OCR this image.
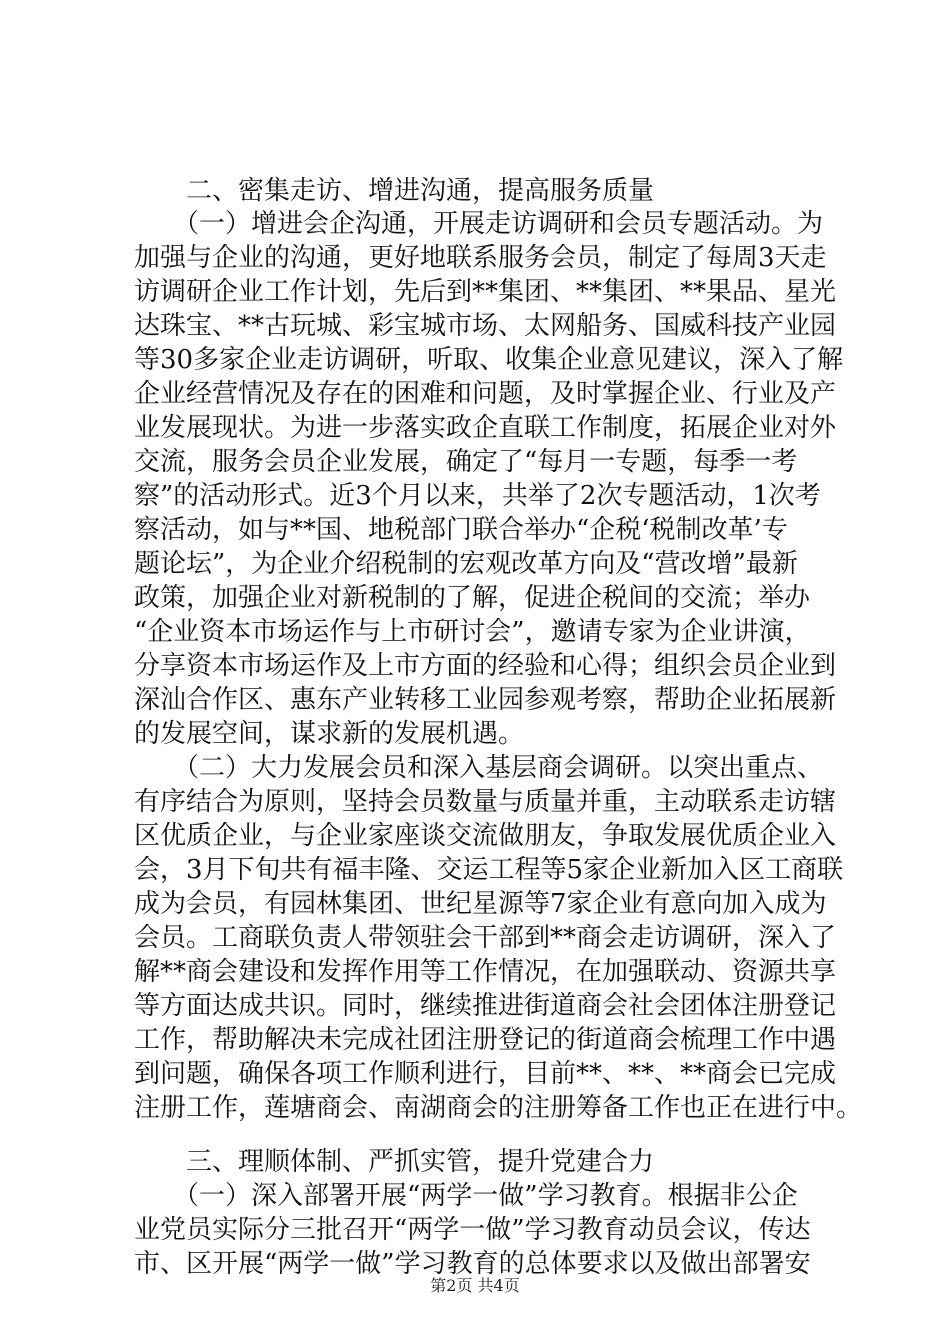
　　二、密集走访、增进沟通，提高服务质量
　　（一）增进会企沟通，开展走访调研和会员专题活动。为
加强与企业的沟通，更好地联系服务会员，制定了每周3天走
访调研企业工作计划，先后到**集团、**集团、**果品、星光
达珠宝、**古玩城、彩宝城市场、太网船务、国威科技产业园
等30多家企业走访调研，听取、收集企业意见建议，深入了解
企业经营情况及存在的困难和问题，及时掌握企业、行业及产
业发展现状。为进一步落实政企直联工作制度，拓展企业对外
交流，服务会员企业发展，确定了“每月一专题，每季一考
察”的活动形式。近3个月以来，共举了2次专题活动，1次考
察活动，如与**国、地税部门联合举办“企税‘税制改革’专
题论坛”，为企业介绍税制的宏观改革方向及“营改增”最新
政策，加强企业对新税制的了解，促进企税间的交流；举办
“企业资本市场运作与上市研讨会”，邀请专家为企业讲演，
分享资本市场运作及上市方面的经验和心得；组织会员企业到
深汕合作区、惠东产业转移工业园参观考察，帮助企业拓展新
的发展空间，谋求新的发展机遇。
　　（二）大力发展会员和深入基层商会调研。以突出重点、
有序结合为原则，坚持会员数量与质量并重，主动联系走访辖
区优质企业，与企业家座谈交流做朋友，争取发展优质企业入
会，3月下旬共有福丰隆、交运工程等5家企业新加入区工商联
成为会员，有园林集团、世纪星源等7家企业有意向加入成为
会员。工商联负责人带领驻会干部到**商会走访调研，深入了
解**商会建设和发挥作用等工作情况，在加强联动、资源共享
等方面达成共识。同时，继续推进街道商会社会团体注册登记
工作，帮助解决未完成社团注册登记的街道商会梳理工作中遇
到问题，确保各项工作顺利进行，目前**、**、**商会已完成
注册工作，莲塘商会、南湖商会的注册筹备工作也正在进行中。
　　三、理顺体制、严抓实管，提升党建合力
　　（一）深入部署开展“两学一做”学习教育。根据非公企
业党员实际分三批召开“两学一做”学习教育动员会议，传达
市、区开展“两学一做”学习教育的总体要求以及做出部署安
第2页 共4页
